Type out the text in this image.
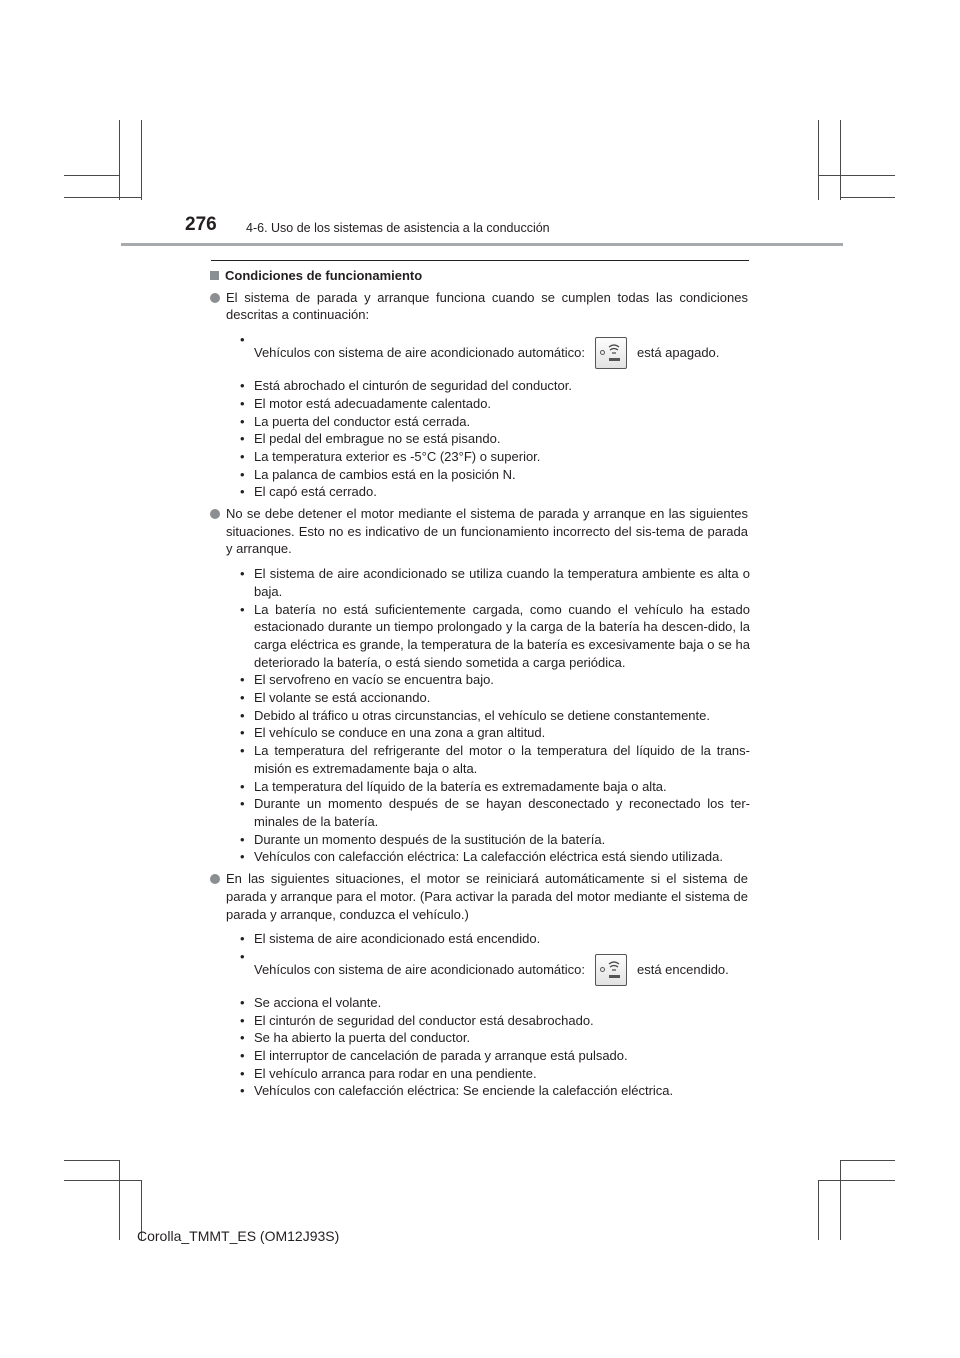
276 4-6. Uso de los sistemas de asistencia a la conducción
Condiciones de funcionamiento
El sistema de parada y arranque funciona cuando se cumplen todas las condiciones descritas a continuación:
• Vehículos con sistema de aire acondicionado automático:	está apagado.
• Está abrochado el cinturón de seguridad del conductor.
• El motor está adecuadamente calentado.
• La puerta del conductor está cerrada.
• El pedal del embrague no se está pisando.
• La temperatura exterior es -5°C (23°F) o superior.
• La palanca de cambios está en la posición N.
• El capó está cerrado.
No se debe detener el motor mediante el sistema de parada y arranque en las siguientes situaciones. Esto no es indicativo de un funcionamiento incorrecto del sis-tema de parada y arranque.
• El sistema de aire acondicionado se utiliza cuando la temperatura ambiente es alta o baja.
• La batería no está suficientemente cargada, como cuando el vehículo ha estado estacionado durante un tiempo prolongado y la carga de la batería ha descen-dido, la carga eléctrica es grande, la temperatura de la batería es excesivamente baja o se ha deteriorado la batería, o está siendo sometida a carga periódica.
• El servofreno en vacío se encuentra bajo.
• El volante se está accionando.
• Debido al tráfico u otras circunstancias, el vehículo se detiene constantemente.
• El vehículo se conduce en una zona a gran altitud.
• La temperatura del refrigerante del motor o la temperatura del líquido de la trans-misión es extremadamente baja o alta.
• La temperatura del líquido de la batería es extremadamente baja o alta.
• Durante un momento después de se hayan desconectado y reconectado los ter-minales de la batería.
• Durante un momento después de la sustitución de la batería.
• Vehículos con calefacción eléctrica: La calefacción eléctrica está siendo utilizada.
En las siguientes situaciones, el motor se reiniciará automáticamente si el sistema de parada y arranque para el motor. (Para activar la parada del motor mediante el sistema de parada y arranque, conduzca el vehículo.)
• El sistema de aire acondicionado está encendido.
• Vehículos con sistema de aire acondicionado automático:	está encendido.
• Se acciona el volante.
• El cinturón de seguridad del conductor está desabrochado.
• Se ha abierto la puerta del conductor.
• El interruptor de cancelación de parada y arranque está pulsado.
• El vehículo arranca para rodar en una pendiente.
• Vehículos con calefacción eléctrica: Se enciende la calefacción eléctrica.
Corolla_TMMT_ES (OM12J93S)
